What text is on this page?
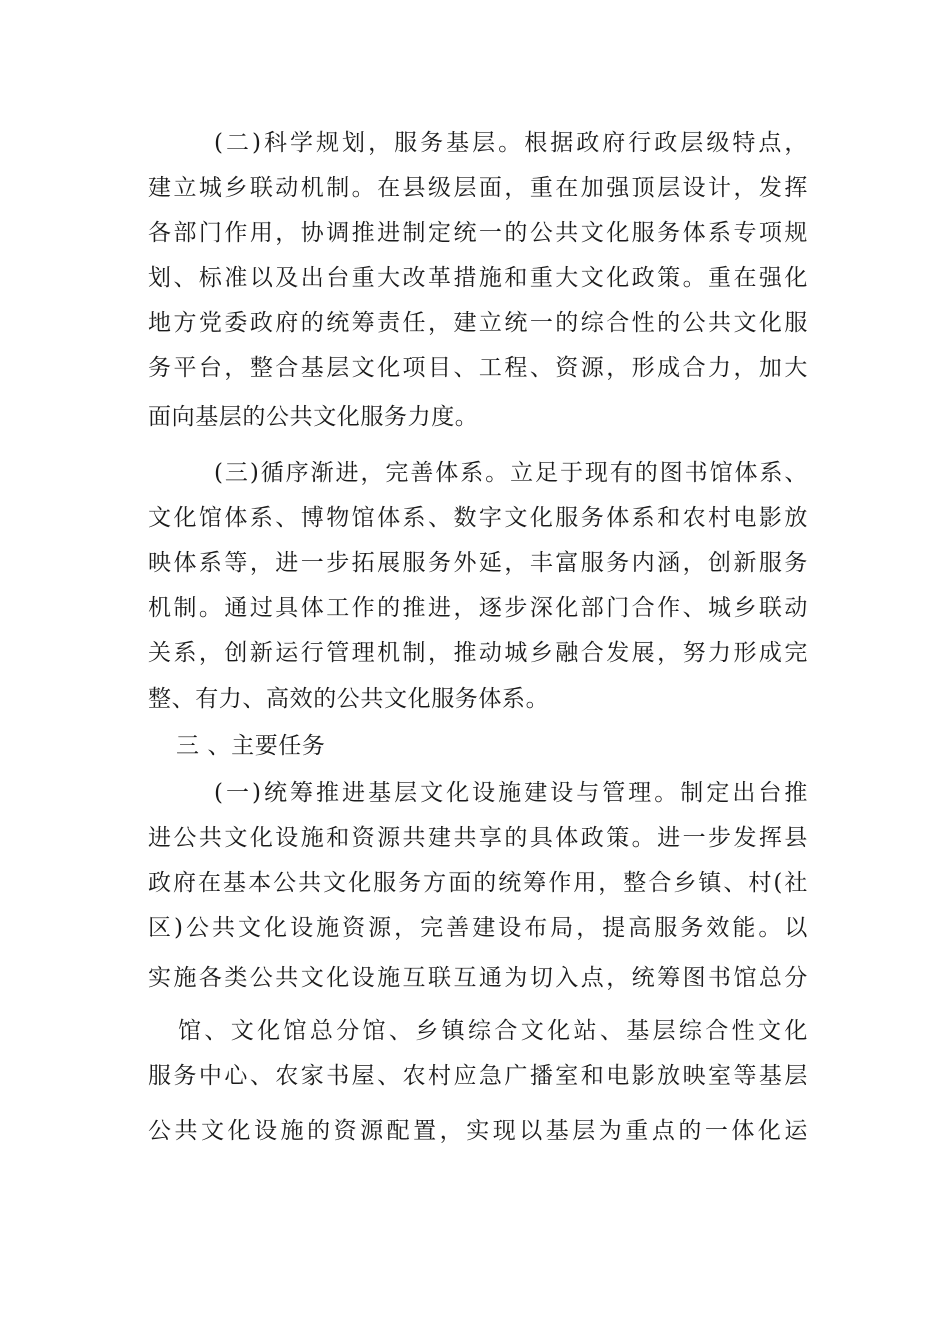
(二)科学规划，服务基层。根据政府行政层级特点，
建立城乡联动机制。在县级层面，重在加强顶层设计，发挥
各部门作用，协调推进制定统一的公共文化服务体系专项规
划、标准以及出台重大改革措施和重大文化政策。重在强化
地方党委政府的统筹责任，建立统一的综合性的公共文化服
务平台，整合基层文化项目、工程、资源，形成合力，加大
面向基层的公共文化服务力度。
(三)循序渐进，完善体系。立足于现有的图书馆体系、
文化馆体系、博物馆体系、数字文化服务体系和农村电影放
映体系等，进一步拓展服务外延，丰富服务内涵，创新服务
机制。通过具体工作的推进，逐步深化部门合作、城乡联动
关系，创新运行管理机制，推动城乡融合发展，努力形成完
整、有力、高效的公共文化服务体系。
三 、主要任务
(一)统筹推进基层文化设施建设与管理。制定出台推
进公共文化设施和资源共建共享的具体政策。进一步发挥县
政府在基本公共文化服务方面的统筹作用，整合乡镇、村(社
区)公共文化设施资源，完善建设布局，提高服务效能。以
实施各类公共文化设施互联互通为切入点，统筹图书馆总分
馆、文化馆总分馆、乡镇综合文化站、基层综合性文化
服务中心、农家书屋、农村应急广播室和电影放映室等基层
公共文化设施的资源配置，实现以基层为重点的一体化运
